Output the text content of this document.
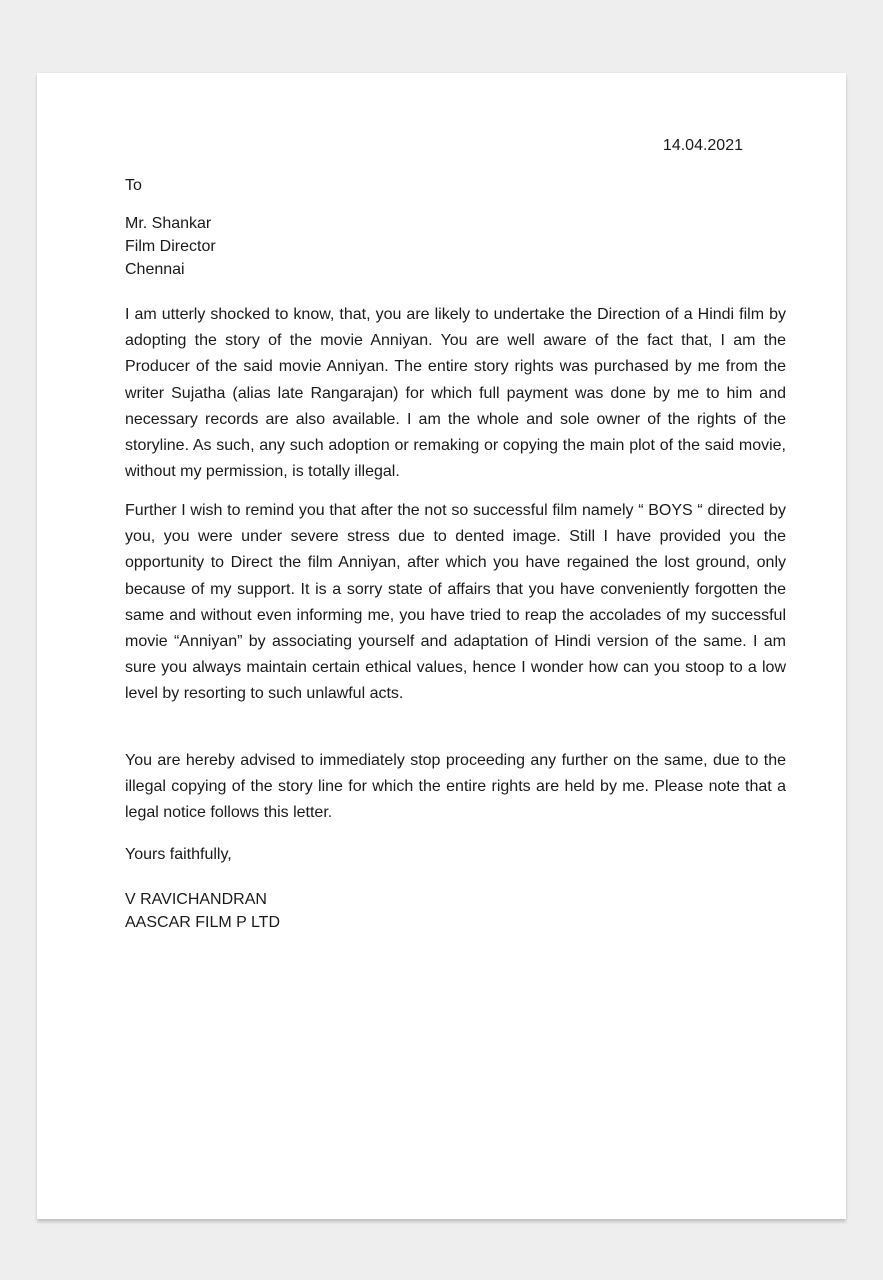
14.04.2021
To
Mr. Shankar
Film Director
Chennai

I am utterly shocked to know, that, you are likely to undertake the Direction of a Hindi film by adopting the story of the movie Anniyan. You are well aware of the fact that, I am the Producer of the said movie Anniyan. The entire story rights was purchased by me from the writer Sujatha (alias late Rangarajan) for which full payment was done by me to him and necessary records are also available. I am the whole and sole owner of the rights of the storyline. As such, any such adoption or remaking or copying the main plot of the said movie, without my permission, is totally illegal.

Further I wish to remind you that after the not so successful film namely “ BOYS “ directed by you, you were under severe stress due to dented image. Still I have provided you the opportunity to Direct the film Anniyan, after which you have regained the lost ground, only because of my support. It is a sorry state of affairs that you have conveniently forgotten the same and without even informing me, you have tried to reap the accolades of my successful movie “Anniyan” by associating yourself and adaptation of Hindi version of the same. I am sure you always maintain certain ethical values, hence I wonder how can you stoop to a low level by resorting to such unlawful acts.

You are hereby advised to immediately stop proceeding any further on the same, due to the illegal copying of the story line for which the entire rights are held by me. Please note that a legal notice follows this letter.

Yours faithfully,
V RAVICHANDRAN
AASCAR FILM P LTD
